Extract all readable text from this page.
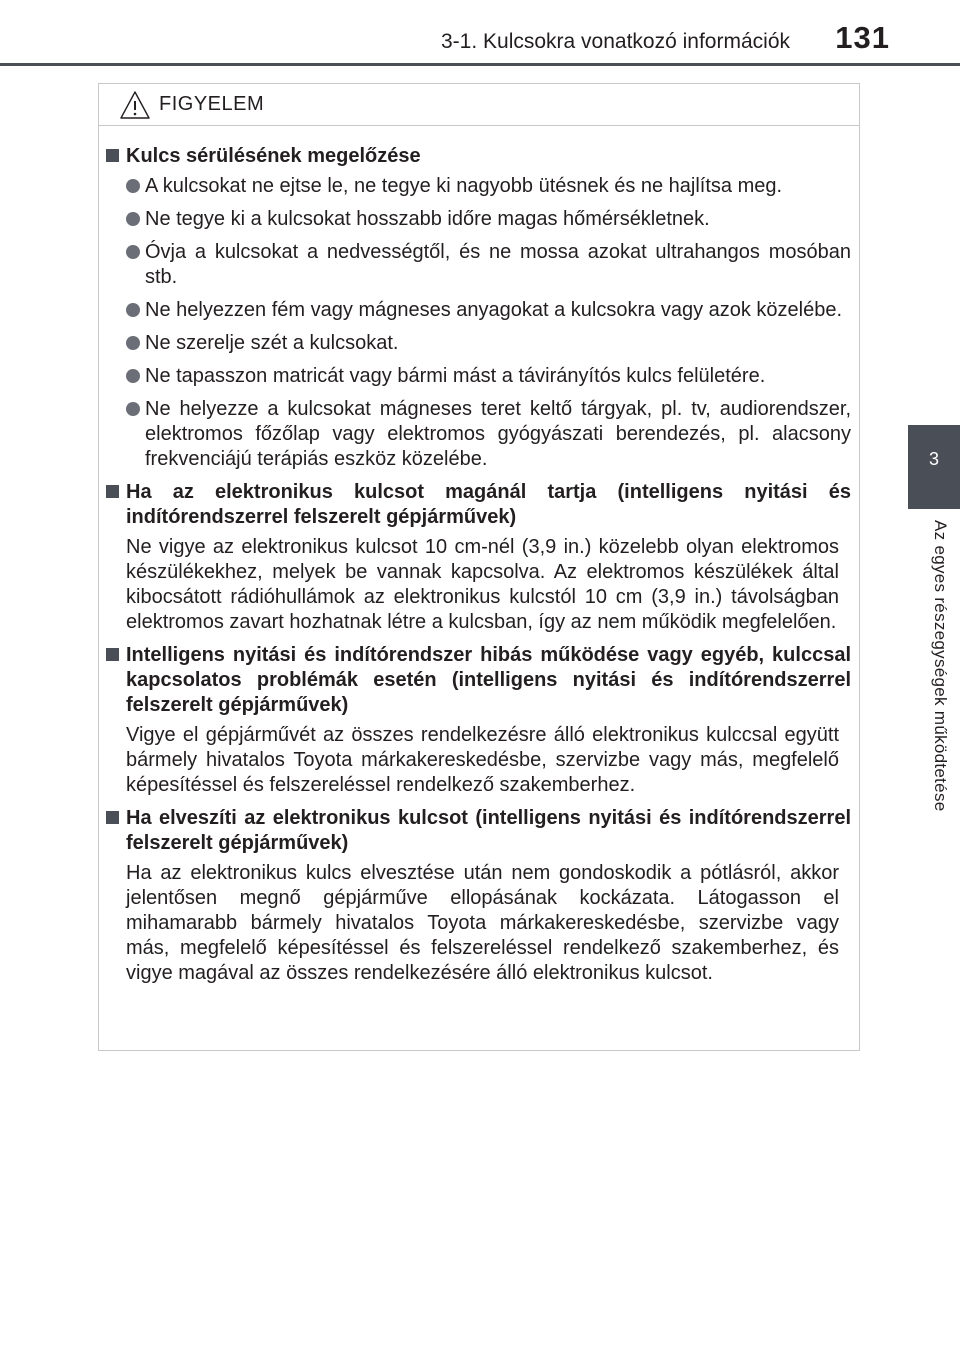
3-1. Kulcsokra vonatkozó információk 131
3
Az egyes részegységek működtetése
FIGYELEM
Kulcs sérülésének megelőzése
A kulcsokat ne ejtse le, ne tegye ki nagyobb ütésnek és ne hajlítsa meg.
Ne tegye ki a kulcsokat hosszabb időre magas hőmérsékletnek.
Óvja a kulcsokat a nedvességtől, és ne mossa azokat ultrahangos mosóban stb.
Ne helyezzen fém vagy mágneses anyagokat a kulcsokra vagy azok közelébe.
Ne szerelje szét a kulcsokat.
Ne tapasszon matricát vagy bármi mást a távirányítós kulcs felületére.
Ne helyezze a kulcsokat mágneses teret keltő tárgyak, pl. tv, audiorendszer, elektromos főzőlap vagy elektromos gyógyászati berendezés, pl. alacsony frekvenciájú terápiás eszköz közelébe.
Ha az elektronikus kulcsot magánál tartja (intelligens nyitási és indítórendszerrel felszerelt gépjárművek)
Ne vigye az elektronikus kulcsot 10 cm-nél (3,9 in.) közelebb olyan elektromos készülékekhez, melyek be vannak kapcsolva. Az elektromos készülékek által kibocsátott rádióhullámok az elektronikus kulcstól 10 cm (3,9 in.) távolságban elektromos zavart hozhatnak létre a kulcsban, így az nem működik megfelelően.
Intelligens nyitási és indítórendszer hibás működése vagy egyéb, kulccsal kapcsolatos problémák esetén (intelligens nyitási és indítórendszerrel felszerelt gépjárművek)
Vigye el gépjárművét az összes rendelkezésre álló elektronikus kulccsal együtt bármely hivatalos Toyota márkakereskedésbe, szervizbe vagy más, megfelelő képesítéssel és felszereléssel rendelkező szakemberhez.
Ha elveszíti az elektronikus kulcsot (intelligens nyitási és indítórendszerrel felszerelt gépjárművek)
Ha az elektronikus kulcs elvesztése után nem gondoskodik a pótlásról, akkor jelentősen megnő gépjárműve ellopásának kockázata. Látogasson el mihamarabb bármely hivatalos Toyota márkakereskedésbe, szervizbe vagy más, megfelelő képesítéssel és felszereléssel rendelkező szakemberhez, és vigye magával az összes rendelkezésére álló elektronikus kulcsot.
